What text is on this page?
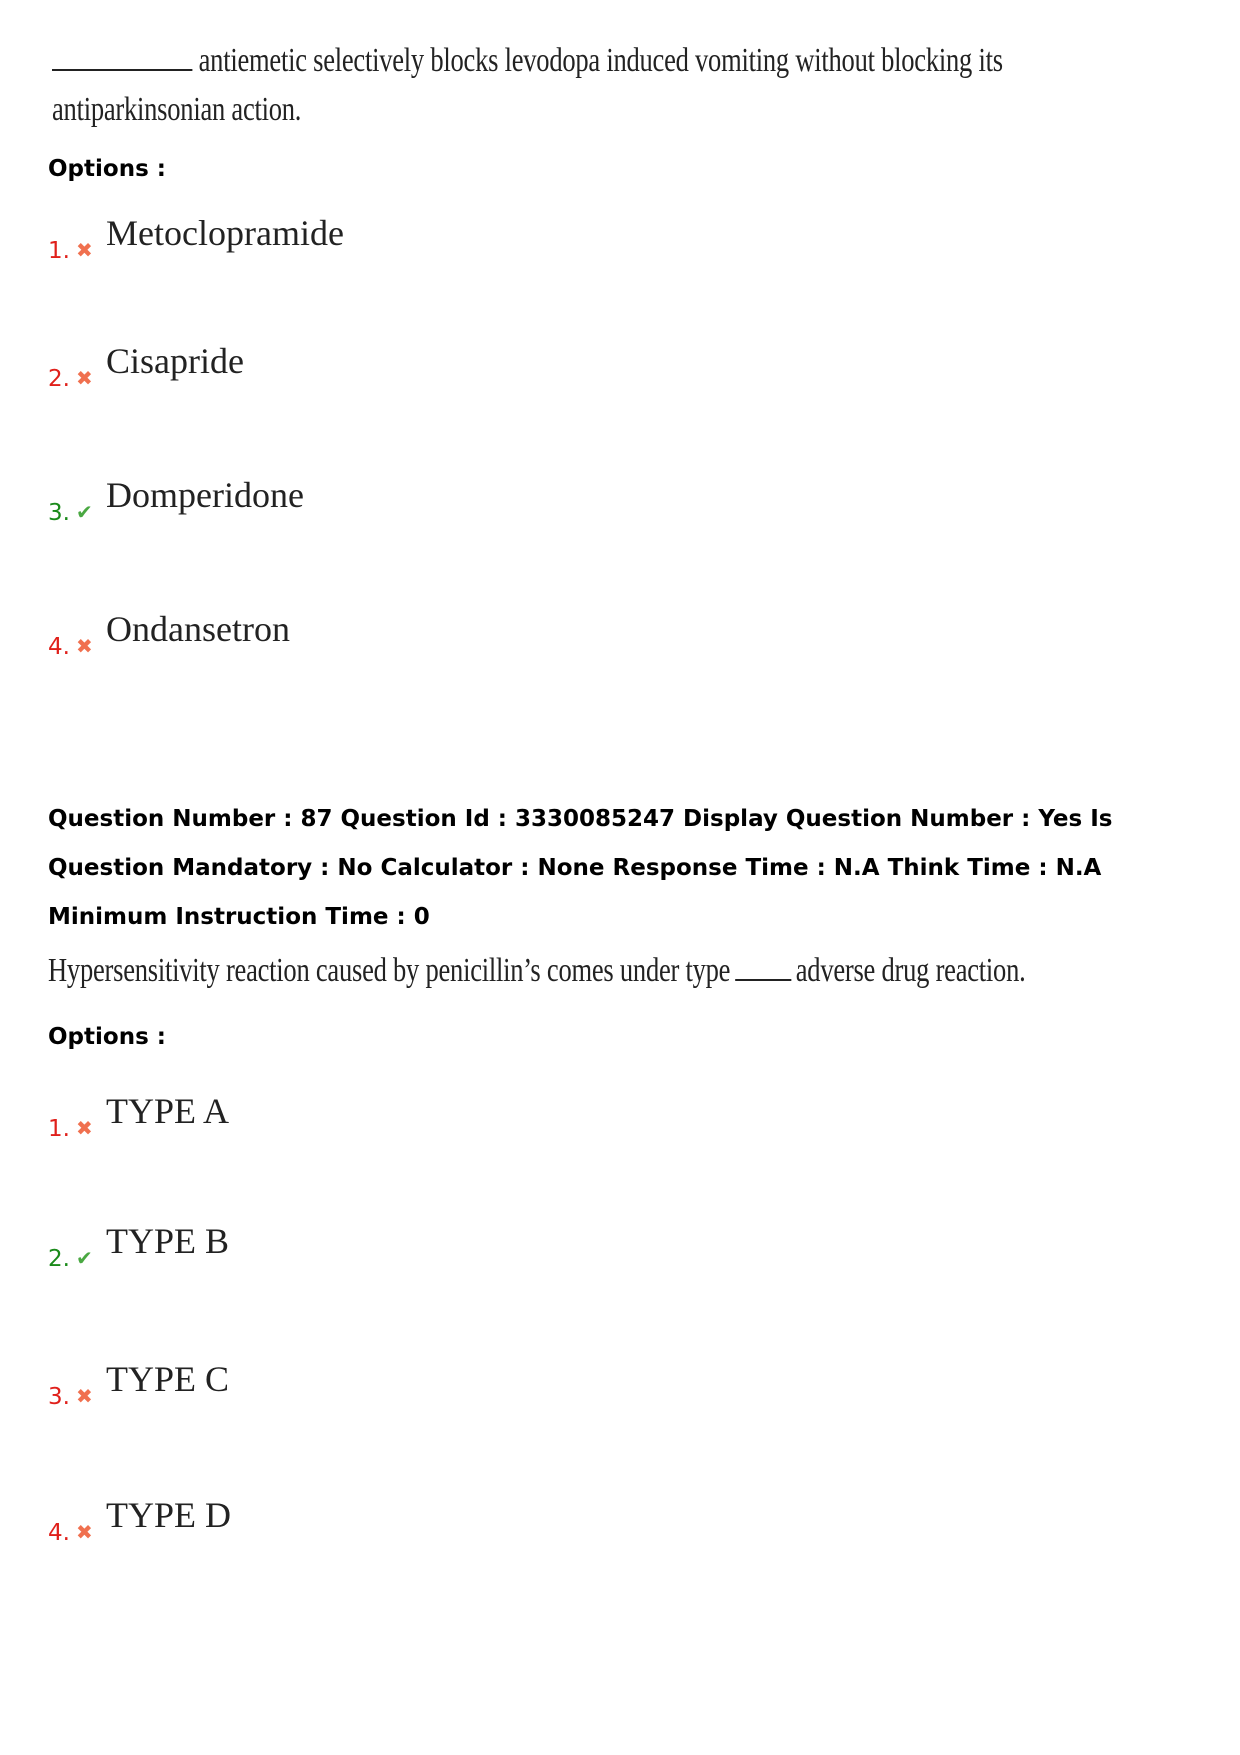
antiemetic selectively blocks levodopa induced vomiting without blocking its
antiparkinsonian action.
Options :
1. ✖ Metoclopramide
2. ✖ Cisapride
3. ✔ Domperidone
4. ✖ Ondansetron
Question Number : 87 Question Id : 3330085247 Display Question Number : Yes Is Question Mandatory : No Calculator : None Response Time : N.A Think Time : N.A Minimum Instruction Time : 0
Hypersensitivity reaction caused by penicillin’s comes under type adverse drug reaction.
Options :
1. ✖ TYPE A
2. ✔ TYPE B
3. ✖ TYPE C
4. ✖ TYPE D
